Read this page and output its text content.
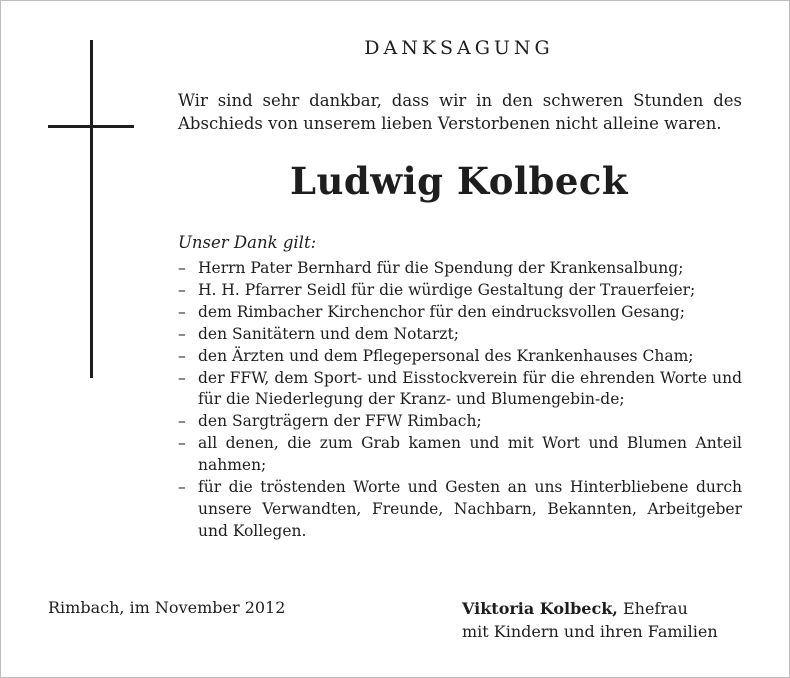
DANKSAGUNG
Wir sind sehr dankbar, dass wir in den schweren Stunden des Abschieds von unserem lieben Verstorbenen nicht alleine waren.
Ludwig Kolbeck
Unser Dank gilt:
– Herrn Pater Bernhard für die Spendung der Krankensalbung;
– H. H. Pfarrer Seidl für die würdige Gestaltung der Trauerfeier;
– dem Rimbacher Kirchenchor für den eindrucksvollen Gesang;
– den Sanitätern und dem Notarzt;
– den Ärzten und dem Pflegepersonal des Krankenhauses Cham;
– der FFW, dem Sport- und Eisstockverein für die ehrenden Worte und für die Niederlegung der Kranz- und Blumengebin-de;
– den Sargträgern der FFW Rimbach;
– all denen, die zum Grab kamen und mit Wort und Blumen Anteil nahmen;
– für die tröstenden Worte und Gesten an uns Hinterbliebene durch unsere Verwandten, Freunde, Nachbarn, Bekannten, Arbeitgeber und Kollegen.
Rimbach, im November 2012	Viktoria Kolbeck, Ehefrau
mit Kindern und ihren Familien
